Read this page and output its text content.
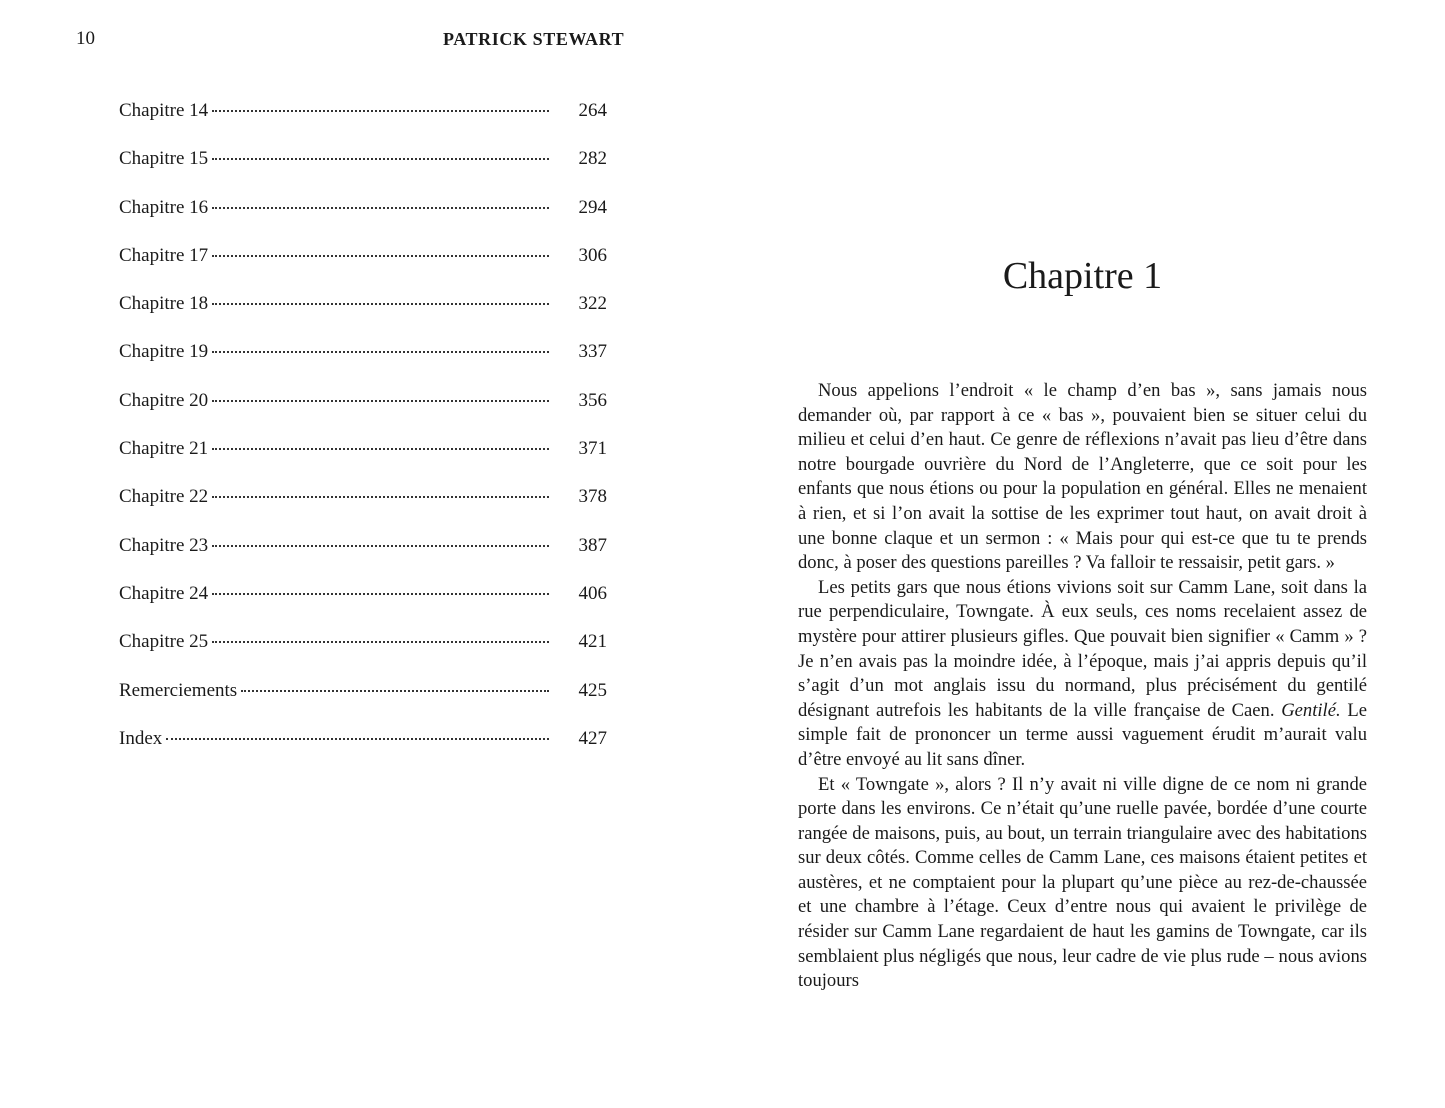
10	PATRICK STEWART
Chapitre 14	264
Chapitre 15	282
Chapitre 16	294
Chapitre 17	306
Chapitre 18	322
Chapitre 19	337
Chapitre 20	356
Chapitre 21	371
Chapitre 22	378
Chapitre 23	387
Chapitre 24	406
Chapitre 25	421
Remerciements	425
Index	427
Chapitre 1

Nous appelions l’endroit « le champ d’en bas », sans jamais nous demander où, par rapport à ce « bas », pouvaient bien se situer celui du milieu et celui d’en haut. Ce genre de réflexions n’avait pas lieu d’être dans notre bourgade ouvrière du Nord de l’Angleterre, que ce soit pour les enfants que nous étions ou pour la population en général. Elles ne menaient à rien, et si l’on avait la sottise de les exprimer tout haut, on avait droit à une bonne claque et un sermon : « Mais pour qui est-ce que tu te prends donc, à poser des questions pareilles ? Va falloir te ressaisir, petit gars. »

Les petits gars que nous étions vivions soit sur Camm Lane, soit dans la rue perpendiculaire, Towngate. À eux seuls, ces noms recelaient assez de mystère pour attirer plusieurs gifles. Que pouvait bien signifier « Camm » ? Je n’en avais pas la moindre idée, à l’époque, mais j’ai appris depuis qu’il s’agit d’un mot anglais issu du normand, plus précisément du gentilé désignant autrefois les habitants de la ville française de Caen. Gentilé. Le simple fait de prononcer un terme aussi vaguement érudit m’aurait valu d’être envoyé au lit sans dîner.

Et « Towngate », alors ? Il n’y avait ni ville digne de ce nom ni grande porte dans les environs. Ce n’était qu’une ruelle pavée, bordée d’une courte rangée de maisons, puis, au bout, un terrain triangulaire avec des habitations sur deux côtés. Comme celles de Camm Lane, ces maisons étaient petites et austères, et ne comptaient pour la plupart qu’une pièce au rez-de-chaussée et une chambre à l’étage. Ceux d’entre nous qui avaient le privilège de résider sur Camm Lane regardaient de haut les gamins de Towngate, car ils semblaient plus négligés que nous, leur cadre de vie plus rude – nous avions toujours
